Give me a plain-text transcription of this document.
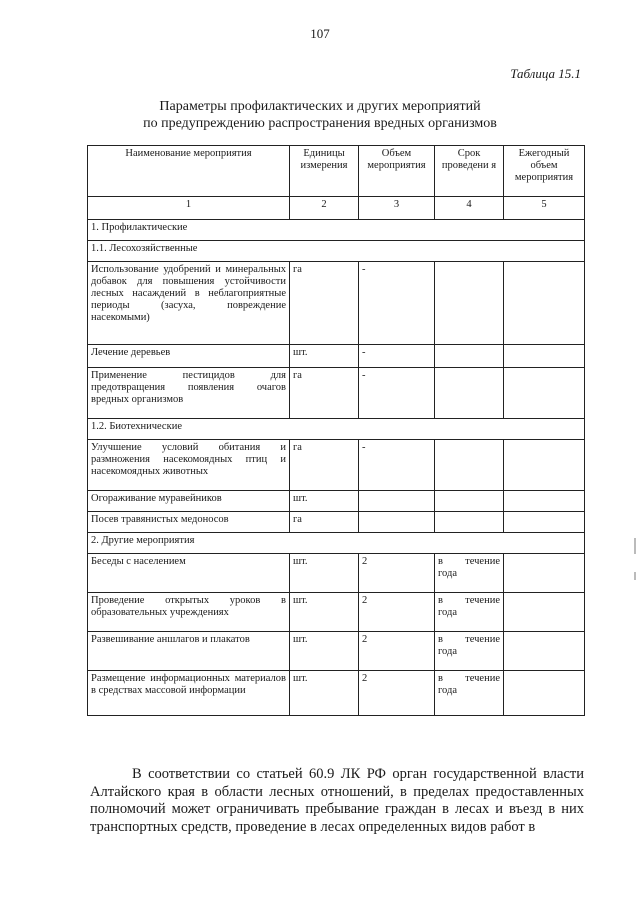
107
Таблица 15.1
Параметры профилактических и других мероприятий
по предупреждению распространения вредных организмов
Наименование мероприятия	Единицы измерения	Объем мероприятия	Срок проведени я	Ежегодный объем мероприятия
1	2	3	4	5
1. Профилактические				
1.1. Лесохозяйственные				
Использование удобрений и минеральных добавок для повышения устойчивости лесных насаждений в неблагоприятные периоды (засуха, повреждение насекомыми)	га	-		
Лечение деревьев	шт.	-		
Применение пестицидов для предотвращения появления очагов вредных организмов	га	-		
1.2. Биотехнические				
Улучшение условий обитания и размножения насекомоядных птиц и насекомоядных животных	га	-		
Огораживание муравейников	шт.			
Посев травянистых медоносов	га			
2. Другие мероприятия				
Беседы с населением	шт.	2	в течение года	
Проведение открытых уроков в образовательных учреждениях	шт.	2	в течение года	
Развешивание аншлагов и плакатов	шт.	2	в течение года	
Размещение информационных материалов в средствах массовой информации	шт.	2	в течение года	
В соответствии со статьей 60.9 ЛК РФ орган государственной власти Алтайского края в области лесных отношений, в пределах предоставленных полномочий может ограничивать пребывание граждан в лесах и въезд в них транспортных средств, проведение в лесах определенных видов работ в
